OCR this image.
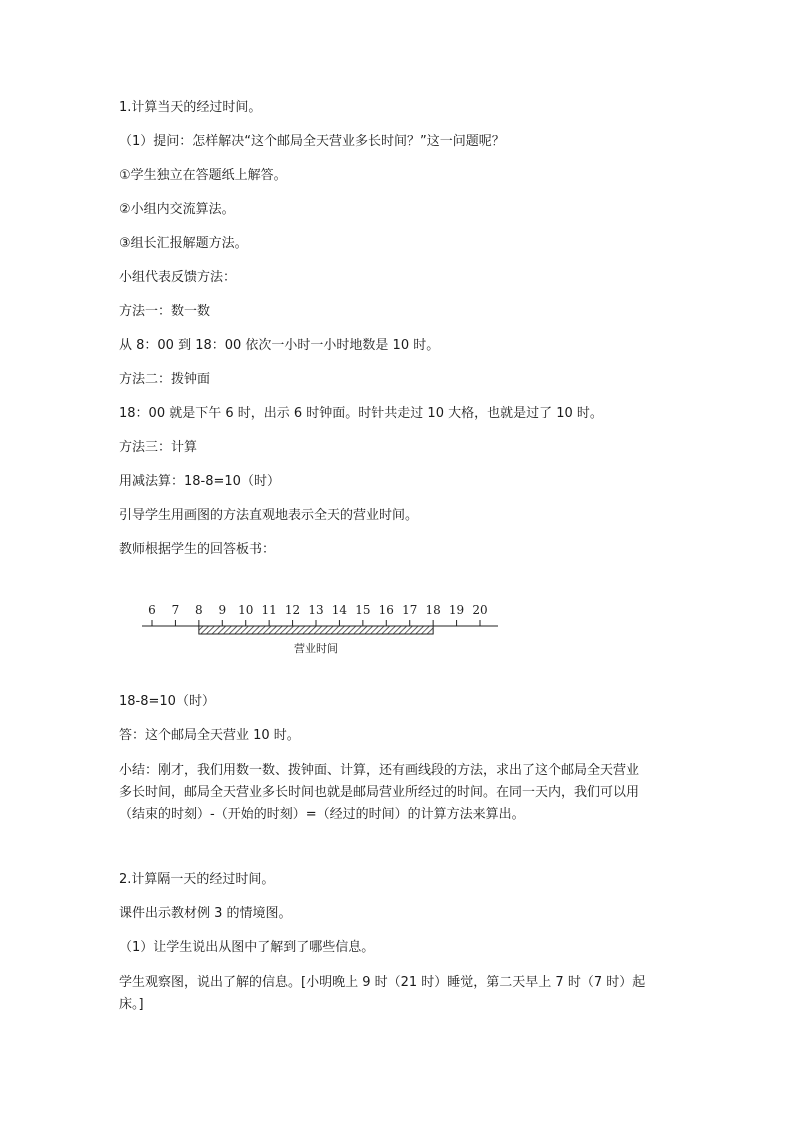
1.计算当天的经过时间。

（1）提问：怎样解决“这个邮局全天营业多长时间？”这一问题呢？

①学生独立在答题纸上解答。

②小组内交流算法。

③组长汇报解题方法。

小组代表反馈方法：

方法一：数一数

从 8：00 到 18：00 依次一小时一小时地数是 10 时。

方法二：拨钟面

18：00 就是下午 6 时，出示 6 时钟面。时针共走过 10 大格，也就是过了 10 时。

方法三：计算

用减法算：18-8=10（时）

引导学生用画图的方法直观地表示全天的营业时间。

教师根据学生的回答板书：

6 7 8 9 10 11 12 13 14 15 16 17 18 19 20
营业时间

18-8=10（时）

答：这个邮局全天营业 10 时。

小结：刚才，我们用数一数、拨钟面、计算，还有画线段的方法，求出了这个邮局全天营业
多长时间，邮局全天营业多长时间也就是邮局营业所经过的时间。在同一天内，我们可以用
（结束的时刻）-（开始的时刻）=（经过的时间）的计算方法来算出。

2.计算隔一天的经过时间。

课件出示教材例 3 的情境图。

（1）让学生说出从图中了解到了哪些信息。

学生观察图，说出了解的信息。[小明晚上 9 时（21 时）睡觉，第二天早上 7 时（7 时）起
床。]
